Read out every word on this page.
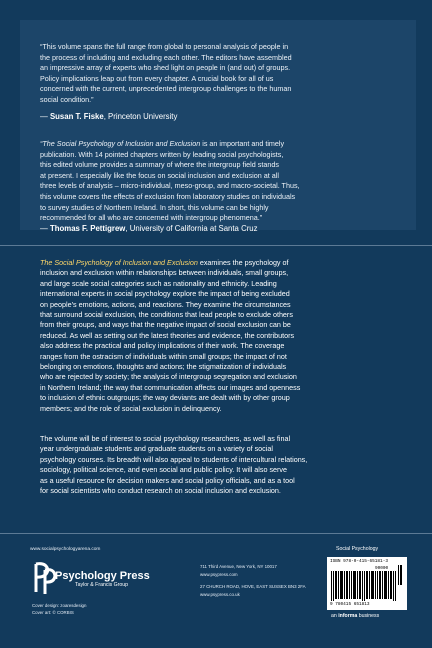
“This volume spans the full range from global to personal analysis of people in
the process of including and excluding each other. The editors have assembled
an impressive array of experts who shed light on people in (and out) of groups.
Policy implications leap out from every chapter. A crucial book for all of us
concerned with the current, unprecedented intergroup challenges to the human
social condition.”
— Susan T. Fiske, Princeton University
“The Social Psychology of Inclusion and Exclusion is an important and timely
publication. With 14 pointed chapters written by leading social psychologists,
this edited volume provides a summary of where the intergroup field stands
at present. I especially like the focus on social inclusion and exclusion at all
three levels of analysis – micro-individual, meso-group, and macro-societal. Thus,
this volume covers the effects of exclusion from laboratory studies on individuals
to survey studies of Northern Ireland. In short, this volume can be highly
recommended for all who are concerned with intergroup phenomena.”
— Thomas F. Pettigrew, University of California at Santa Cruz
The Social Psychology of Inclusion and Exclusion examines the psychology of
inclusion and exclusion within relationships between individuals, small groups,
and large scale social categories such as nationality and ethnicity. Leading
international experts in social psychology explore the impact of being excluded
on people’s emotions, actions, and reactions. They examine the circumstances
that surround social exclusion, the conditions that lead people to exclude others
from their groups, and ways that the negative impact of social exclusion can be
reduced. As well as setting out the latest theories and evidence, the contributors
also address the practical and policy implications of their work. The coverage
ranges from the ostracism of individuals within small groups; the impact of not
belonging on emotions, thoughts and actions; the stigmatization of individuals
who are rejected by society; the analysis of intergroup segregation and exclusion
in Northern Ireland; the way that communication affects our images and openness
to inclusion of ethnic outgroups; the way deviants are dealt with by other group
members; and the role of social exclusion in delinquency.
The volume will be of interest to social psychology researchers, as well as final
year undergraduate students and graduate students on a variety of social
psychology courses. Its breadth will also appeal to students of intercultural relations,
sociology, political science, and even social and public policy. It will also serve
as a useful resource for decision makers and social policy officials, and as a tool
for social scientists who conduct research on social inclusion and exclusion.
www.socialpsychologyarena.com
Psychology Press
Taylor & Francis Group
711 Third Avenue, New York, NY 10017
www.psypress.com
27 CHURCH ROAD, HOVE, EAST SUSSEX BN3 2FA
www.psypress.co.uk
Cover design: zoaresdesign
Cover art: © CORBIS
Social Psychology
ISBN 978-0-415-65181-3
90000
9 780415 651813
an informa business
